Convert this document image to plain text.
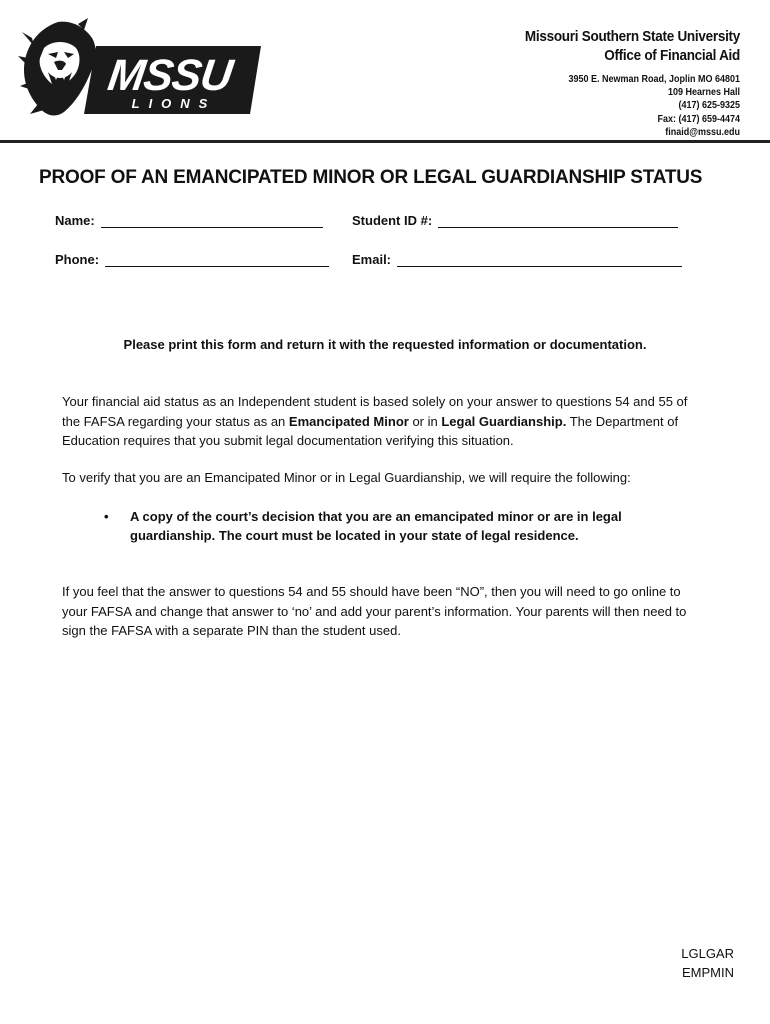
MSSU
LIONS
Missouri Southern State University
Office of Financial Aid
3950 E. Newman Road, Joplin MO 64801
109 Hearnes Hall
(417) 625-9325
Fax: (417) 659-4474
finaid@mssu.edu
PROOF OF AN EMANCIPATED MINOR OR LEGAL GUARDIANSHIP STATUS
Name:	Student ID #:
Phone:	Email:
Please print this form and return it with the requested information or documentation.
Your financial aid status as an Independent student is based solely on your answer to questions 54 and 55 of the FAFSA regarding your status as an Emancipated Minor or in Legal Guardianship. The Department of Education requires that you submit legal documentation verifying this situation.
To verify that you are an Emancipated Minor or in Legal Guardianship, we will require the following:
•	A copy of the court’s decision that you are an emancipated minor or are in legal guardianship. The court must be located in your state of legal residence.
If you feel that the answer to questions 54 and 55 should have been “NO”, then you will need to go online to your FAFSA and change that answer to ‘no’ and add your parent’s information. Your parents will then need to sign the FAFSA with a separate PIN than the student used.
LGLGAR
EMPMIN
